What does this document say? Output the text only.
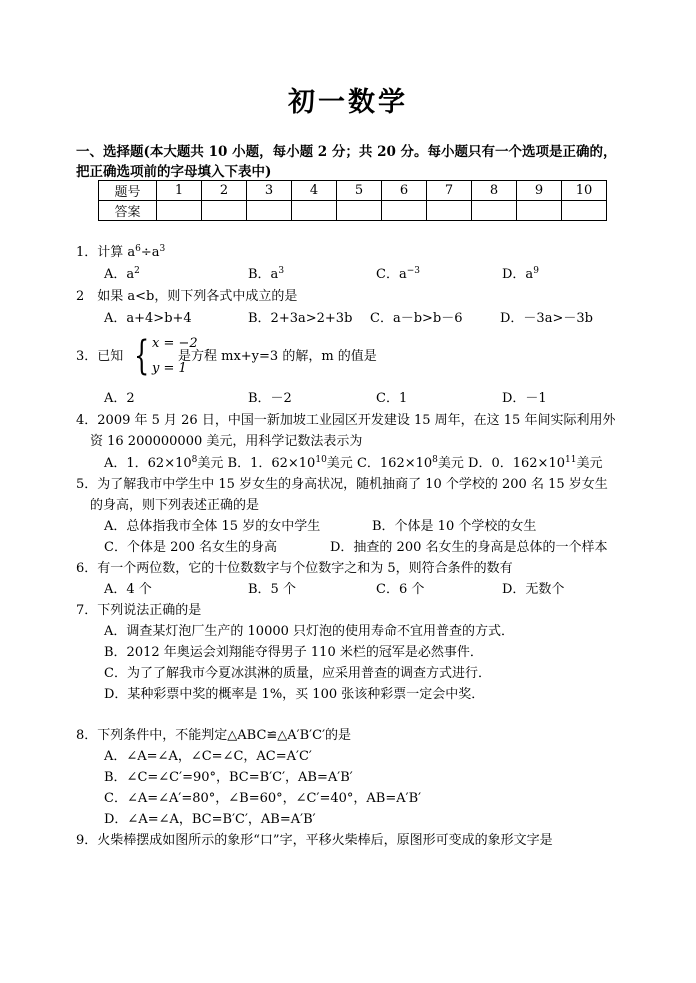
初一数学
一、选择题(本大题共 10 小题，每小题 2 分；共 20 分。每小题只有一个选项是正确的，
把正确选项前的字母填入下表中)
题号	1	2	3	4	5	6	7	8	9	10
答案										
1．计算 $a^6\div a^3$
A．$a^2$	B．$a^3$	C．$a^{-3}$	D．$a^9$
2　如果 a<b，则下列各式中成立的是
A．a+4>b+4	B．2+3a>2+3b C．a－b>b－6	D．－3a>－3b
3．已知 { x = −2
y = 1
是方程 mx+y=3 的解，m 的值是
A．2	B．－2	C．1	D．－1
4．2009 年 5 月 26 日，中国一新加坡工业园区开发建设 15 周年，在这 15 年间实际利用外
资 16 200000000 美元，用科学记数法表示为
A．1．$62\times 10^8$美元 B．1．$62\times 10^{10}$美元 C．$162\times 10^8$美元 D．0．$162\times 10^{11}$美元
5．为了解我市中学生中 15 岁女生的身高状况，随机抽商了 10 个学校的 200 名 15 岁女生
的身高，则下列表述正确的是
A．总体指我市全体 15 岁的女中学生	B．个体是 10 个学校的女生
C．个体是 200 名女生的身高	D．抽查的 200 名女生的身高是总体的一个样本
6．有一个两位数，它的十位数数字与个位数字之和为 5，则符合条件的数有
A．4 个	B．5 个	C．6 个	D．无数个
7．下列说法正确的是
A．调查某灯泡厂生产的 10000 只灯泡的使用寿命不宜用普查的方式．
B．2012 年奥运会刘翔能夺得男子 110 米栏的冠军是必然事件．
C．为了了解我市今夏冰淇淋的质量，应采用普查的调查方式进行．
D．某种彩票中奖的概率是 1%，买 100 张该种彩票一定会中奖．
8．下列条件中，不能判定△ABC≌△A′B′C′的是
A．∠A=∠A，∠C=∠C，AC=A′C′
B．∠C=∠C′=90°，BC=B′C′，AB=A′B′
C．∠A=∠A′=80°，∠B=60°，∠C′=40°，AB=A′B′
D．∠A=∠A，BC=B′C′，AB=A′B′
9．火柴棒摆成如图所示的象形“口”字，平移火柴棒后，原图形可变成的象形文字是
